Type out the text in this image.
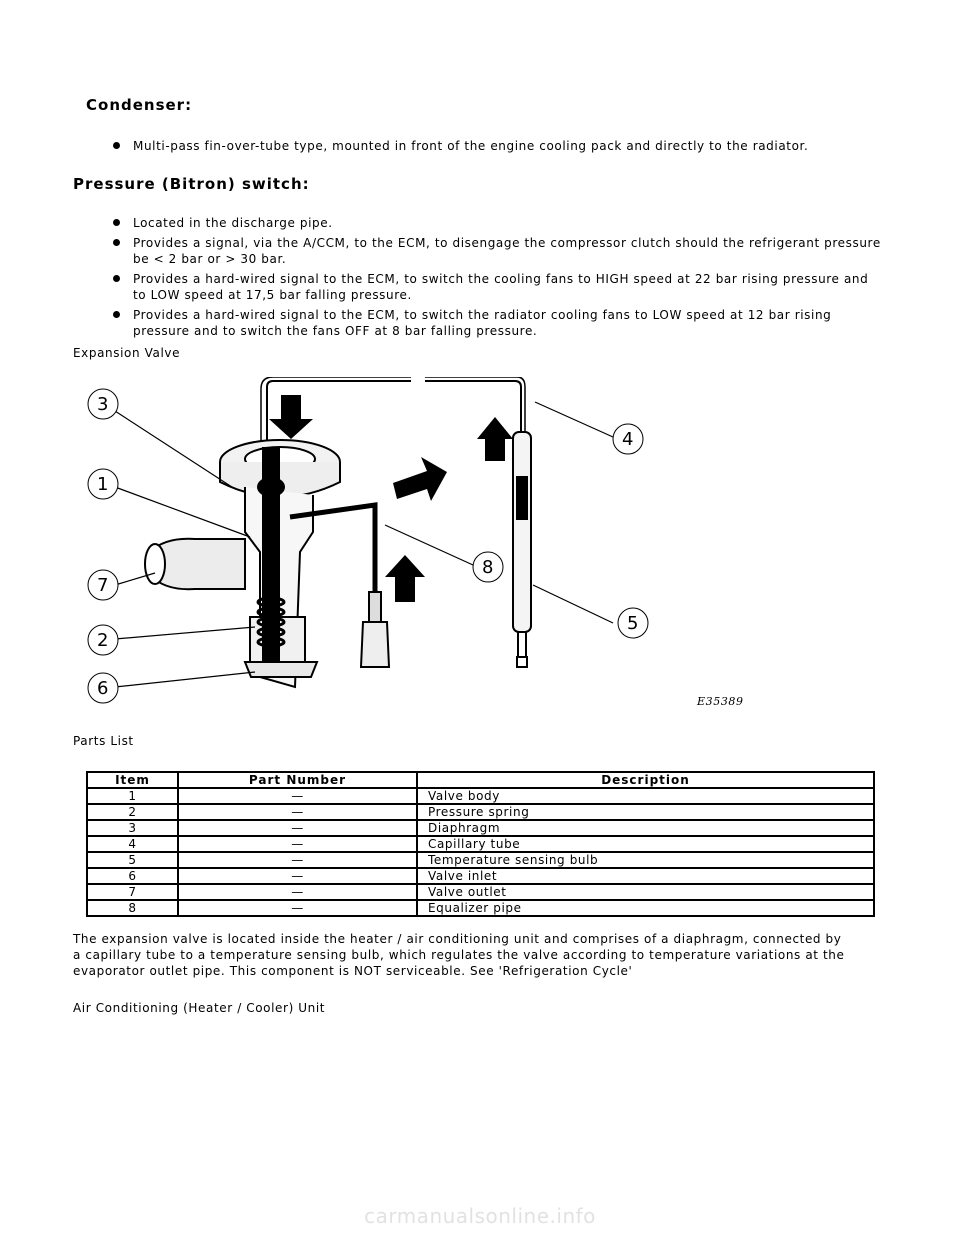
Condenser:
Multi-pass fin-over-tube type, mounted in front of the engine cooling pack and directly to the radiator.
Pressure (Bitron) switch:
Located in the discharge pipe.
Provides a signal, via the A/CCM, to the ECM, to disengage the compressor clutch should the refrigerant pressure be < 2 bar or > 30 bar.
Provides a hard-wired signal to the ECM, to switch the cooling fans to HIGH speed at 22 bar rising pressure and to LOW speed at 17,5 bar falling pressure.
Provides a hard-wired signal to the ECM, to switch the radiator cooling fans to LOW speed at 12 bar rising pressure and to switch the fans OFF at 8 bar falling pressure.

Expansion Valve

3
1
7
2
6
4
8
5
E35389

Parts List

Item	Part Number	Description
1	—	Valve body
2	—	Pressure spring
3	—	Diaphragm
4	—	Capillary tube
5	—	Temperature sensing bulb
6	—	Valve inlet
7	—	Valve outlet
8	—	Equalizer pipe

The expansion valve is located inside the heater / air conditioning unit and comprises of a diaphragm, connected by a capillary tube to a temperature sensing bulb, which regulates the valve according to temperature variations at the evaporator outlet pipe. This component is NOT serviceable. See 'Refrigeration Cycle'

Air Conditioning (Heater / Cooler) Unit

carmanualsonline.info
